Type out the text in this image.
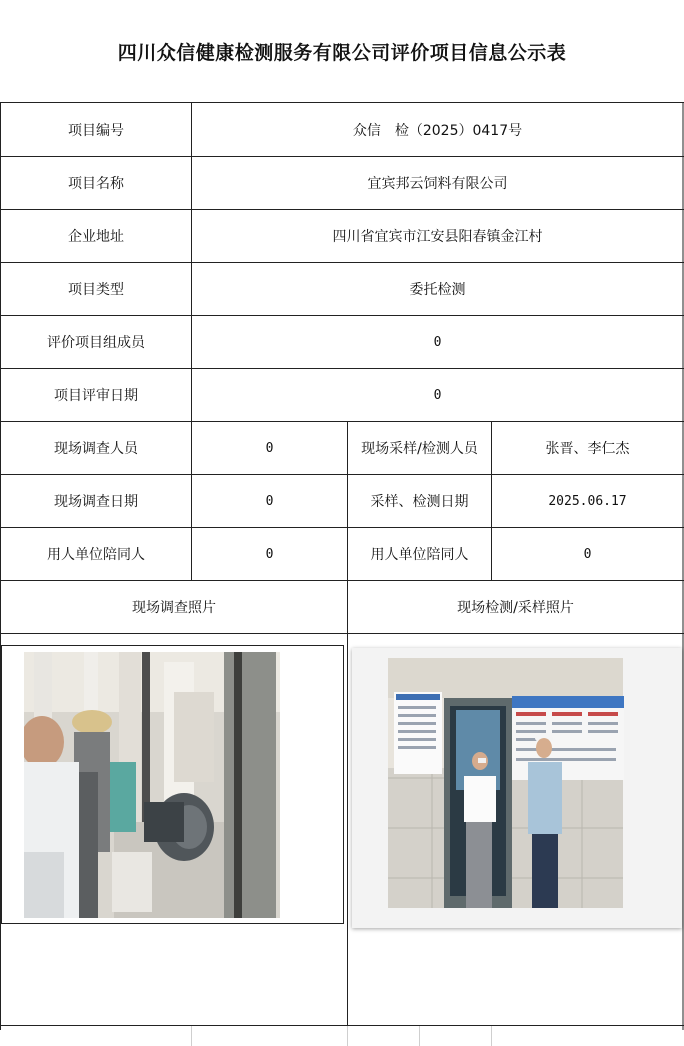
四川众信健康检测服务有限公司评价项目信息公示表
项目编号	众信　检（2025）0417号
项目名称	宜宾邦云饲料有限公司
企业地址	四川省宜宾市江安县阳春镇金江村
项目类型	委托检测
评价项目组成员	0
项目评审日期	0
现场调查人员	0	现场采样/检测人员	张晋、李仁杰
现场调查日期	0	采样、检测日期	2025.06.17
用人单位陪同人	0	用人单位陪同人	0
现场调查照片	现场检测/采样照片
